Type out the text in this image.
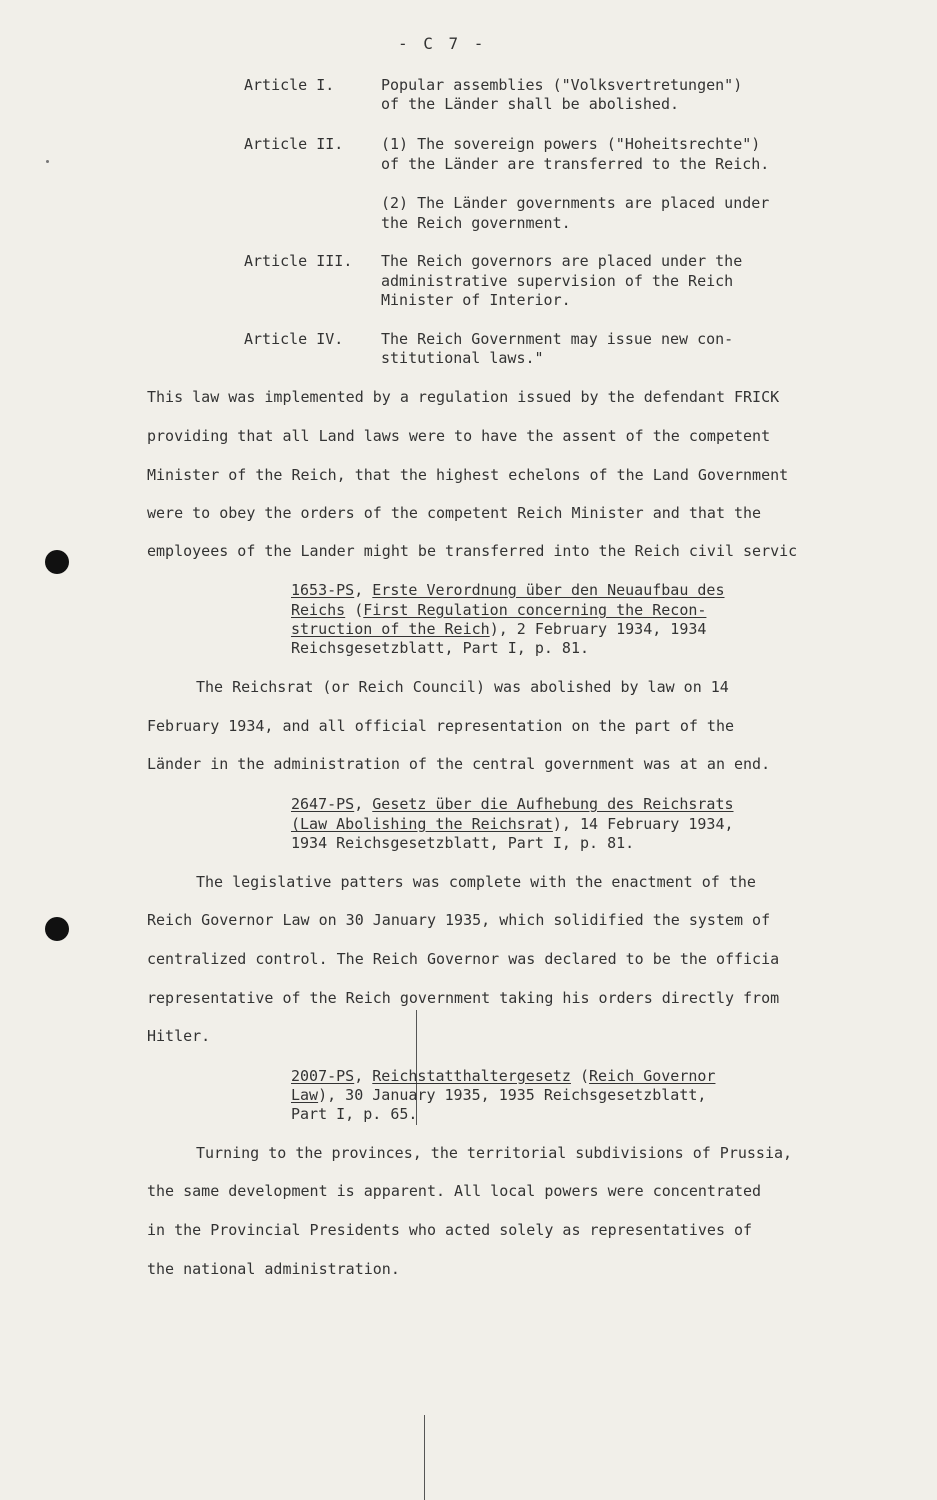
- C 7 -
Article I.	Popular assemblies ("Volksvertretungen")
of the Länder shall be abolished.
Article II.	(1) The sovereign powers ("Hoheitsrechte")
of the Länder are transferred to the Reich.
(2) The Länder governments are placed under
the Reich government.
Article III. The Reich governors are placed under the
administrative supervision of the Reich
Minister of Interior.
Article IV.	The Reich Government may issue new con-
stitutional laws."
This law was implemented by a regulation issued by the defendant FRICK
providing that all Land laws were to have the assent of the competent
Minister of the Reich, that the highest echelons of the Land Government
were to obey the orders of the competent Reich Minister and that the
employees of the Lander might be transferred into the Reich civil servic
1653-PS, Erste Verordnung über den Neuaufbau des
Reichs (First Regulation concerning the Recon-
struction of the Reich), 2 February 1934, 1934
Reichsgesetzblatt, Part I, p. 81.
The Reichsrat (or Reich Council) was abolished by law on 14
February 1934, and all official representation on the part of the
Länder in the administration of the central government was at an end.
2647-PS, Gesetz über die Aufhebung des Reichsrats
(Law Abolishing the Reichsrat), 14 February 1934,
1934 Reichsgesetzblatt, Part I, p. 81.
The legislative patters was complete with the enactment of the
Reich Governor Law on 30 January 1935, which solidified the system of
centralized control. The Reich Governor was declared to be the officia
representative of the Reich government taking his orders directly from
Hitler.
2007-PS, Reichstatthaltergesetz (Reich Governor
Law), 30 January 1935, 1935 Reichsgesetzblatt,
Part I, p. 65.
Turning to the provinces, the territorial subdivisions of Prussia,
the same development is apparent. All local powers were concentrated
in the Provincial Presidents who acted solely as representatives of
the national administration.
